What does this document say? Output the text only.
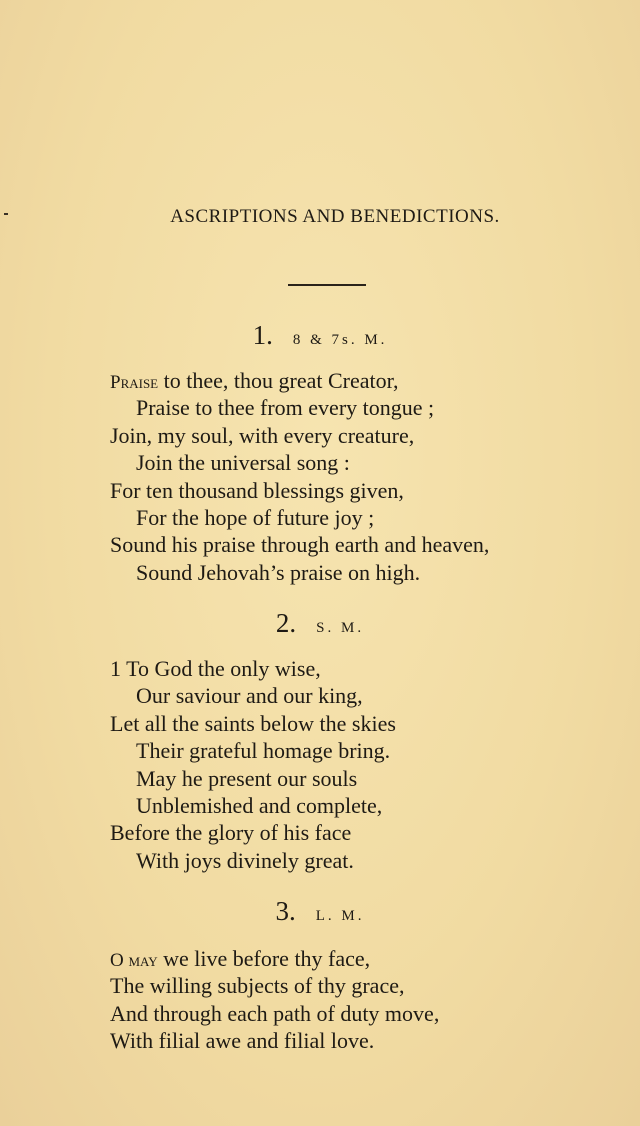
ASCRIPTIONS AND BENEDICTIONS.
1. 8 & 7s. M.
Praise to thee, thou great Creator,
Praise to thee from every tongue ;
Join, my soul, with every creature,
Join the universal song :
For ten thousand blessings given,
For the hope of future joy ;
Sound his praise through earth and heaven,
Sound Jehovah’s praise on high.
2. S. M.
1 To God the only wise,
Our saviour and our king,
Let all the saints below the skies
Their grateful homage bring.
May he present our souls
Unblemished and complete,
Before the glory of his face
With joys divinely great.
3. L. M.
O may we live before thy face,
The willing subjects of thy grace,
And through each path of duty move,
With filial awe and filial love.
